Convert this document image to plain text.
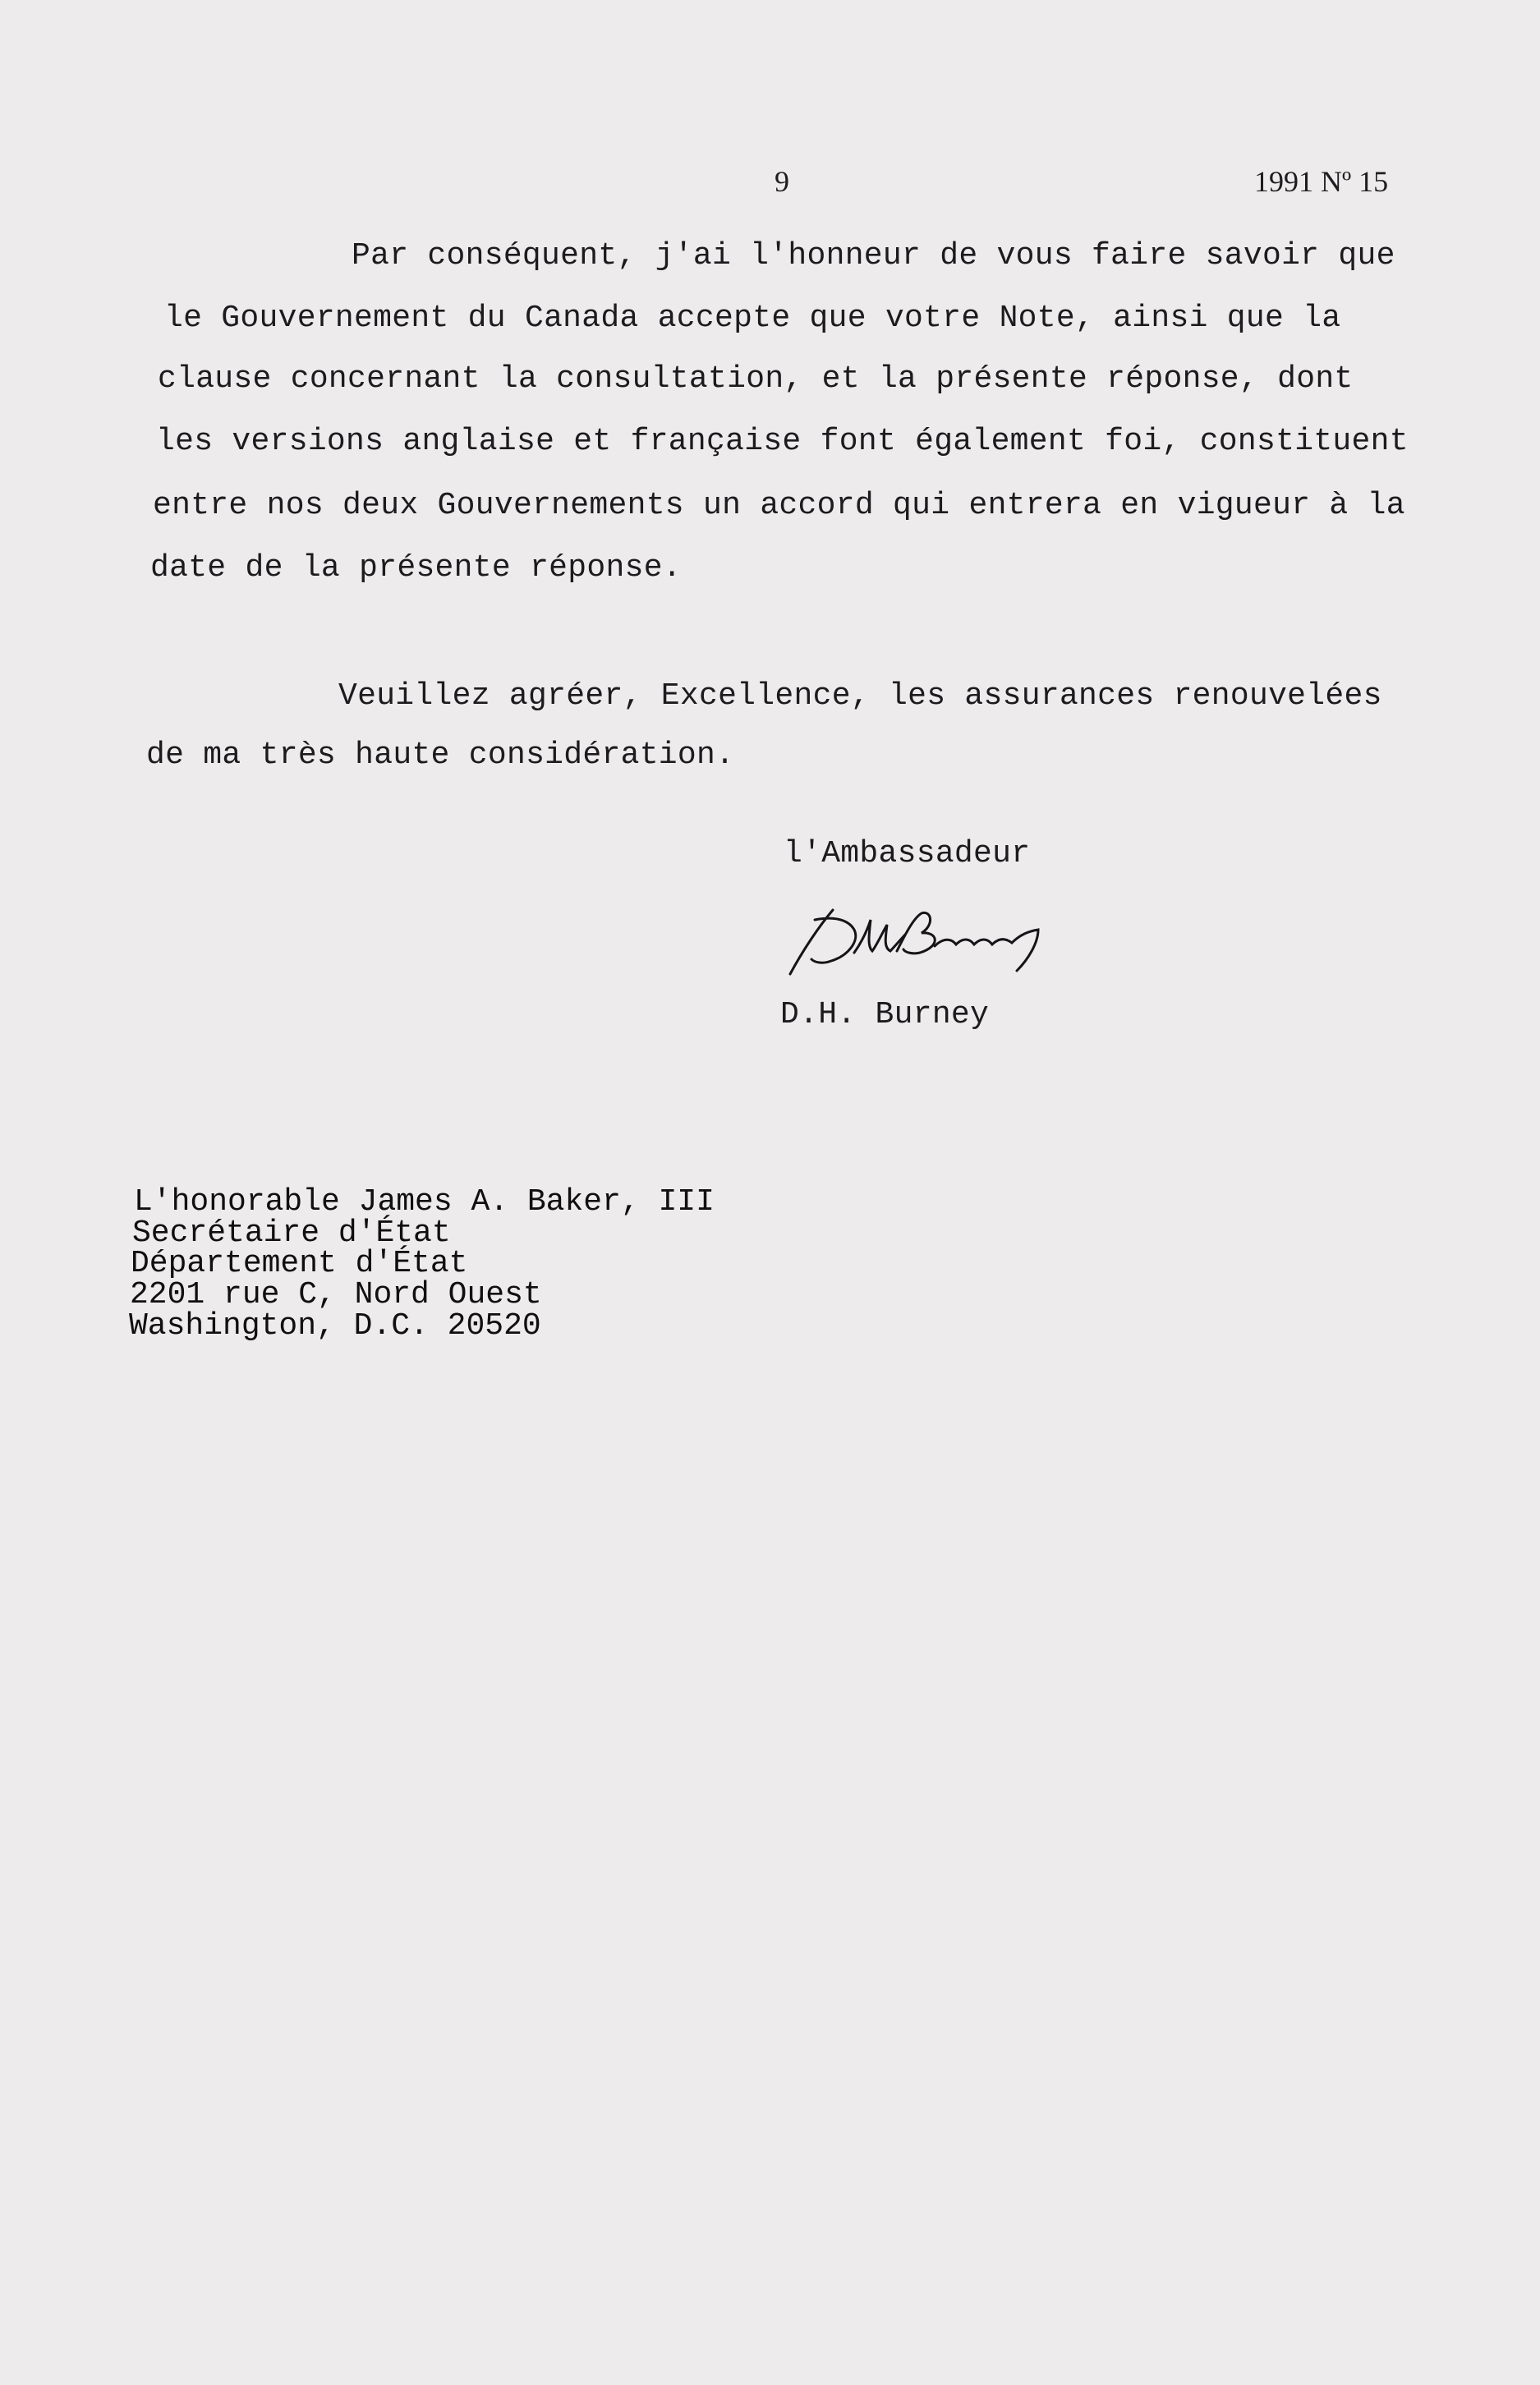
9	1991 Nº 15
Par conséquent, j'ai l'honneur de vous faire savoir que
le Gouvernement du Canada accepte que votre Note, ainsi que la
clause concernant la consultation, et la présente réponse, dont
les versions anglaise et française font également foi, constituent
entre nos deux Gouvernements un accord qui entrera en vigueur à la
date de la présente réponse.
Veuillez agréer, Excellence, les assurances renouvelées
de ma très haute considération.
l'Ambassadeur
D.H. Burney
L'honorable James A. Baker, III
Secrétaire d'État
Département d'État
2201 rue C, Nord Ouest
Washington, D.C. 20520
